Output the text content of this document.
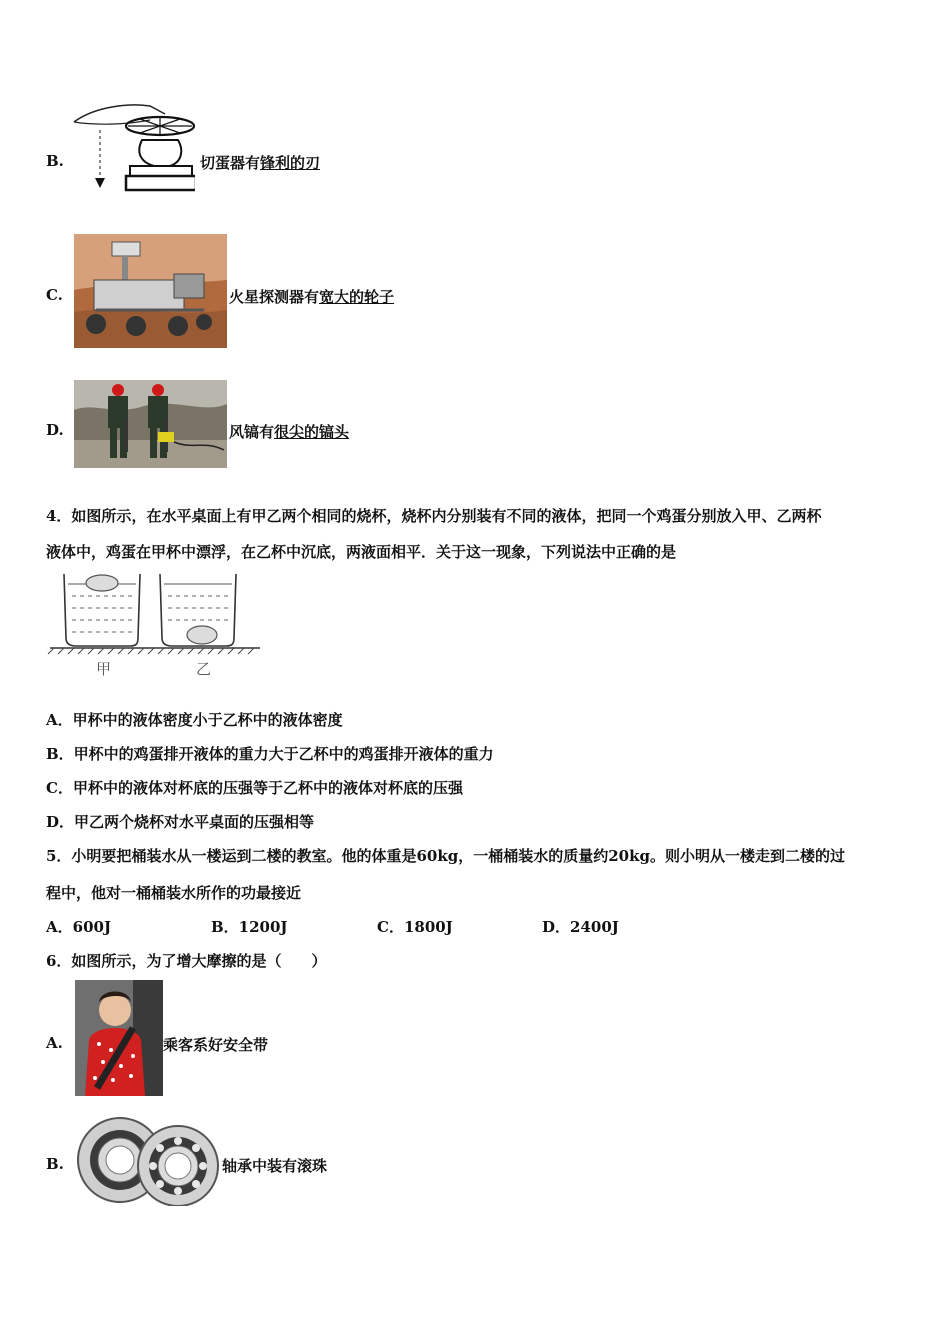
B.	切蛋器有锋利的刃
C.	火星探测器有宽大的轮子
D.	风镐有很尖的镐头
4．如图所示，在水平桌面上有甲乙两个相同的烧杯，烧杯内分别装有不同的液体，把同一个鸡蛋分别放入甲、乙两杯
液体中，鸡蛋在甲杯中漂浮，在乙杯中沉底，两液面相平．关于这一现象，下列说法中正确的是
甲	乙
A．甲杯中的液体密度小于乙杯中的液体密度
B．甲杯中的鸡蛋排开液体的重力大于乙杯中的鸡蛋排开液体的重力
C．甲杯中的液体对杯底的压强等于乙杯中的液体对杯底的压强
D．甲乙两个烧杯对水平桌面的压强相等
5．小明要把桶装水从一楼运到二楼的教室。他的体重是60kg，一桶桶装水的质量约20kg。则小明从一楼走到二楼的过
程中，他对一桶桶装水所作的功最接近
A．600J	B．1200J	C．1800J	D．2400J
6．如图所示，为了增大摩擦的是（　　）
A.	乘客系好安全带
B.	轴承中装有滚珠
